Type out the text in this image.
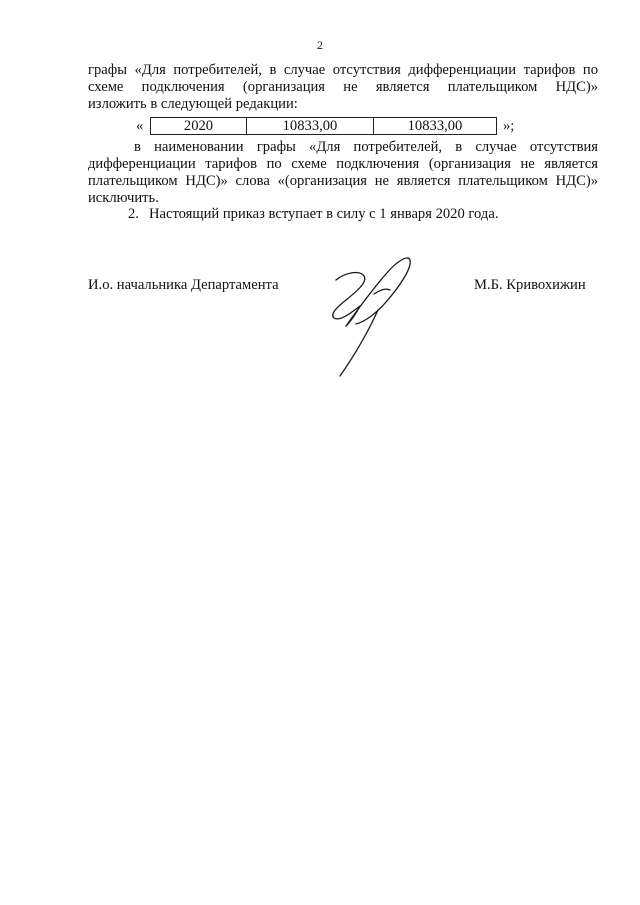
2
графы «Для потребителей, в случае отсутствия дифференциации тарифов по
схеме подключения (организация не является плательщиком НДС)»
изложить в следующей редакции:
«	2020	10833,00	10833,00	»;
в наименовании графы «Для потребителей, в случае отсутствия
дифференциации тарифов по схеме подключения (организация не является
плательщиком НДС)» слова «(организация не является плательщиком НДС)»
исключить.
2. Настоящий приказ вступает в силу с 1 января 2020 года.
И.о. начальника Департамента	М.Б. Кривохижин
